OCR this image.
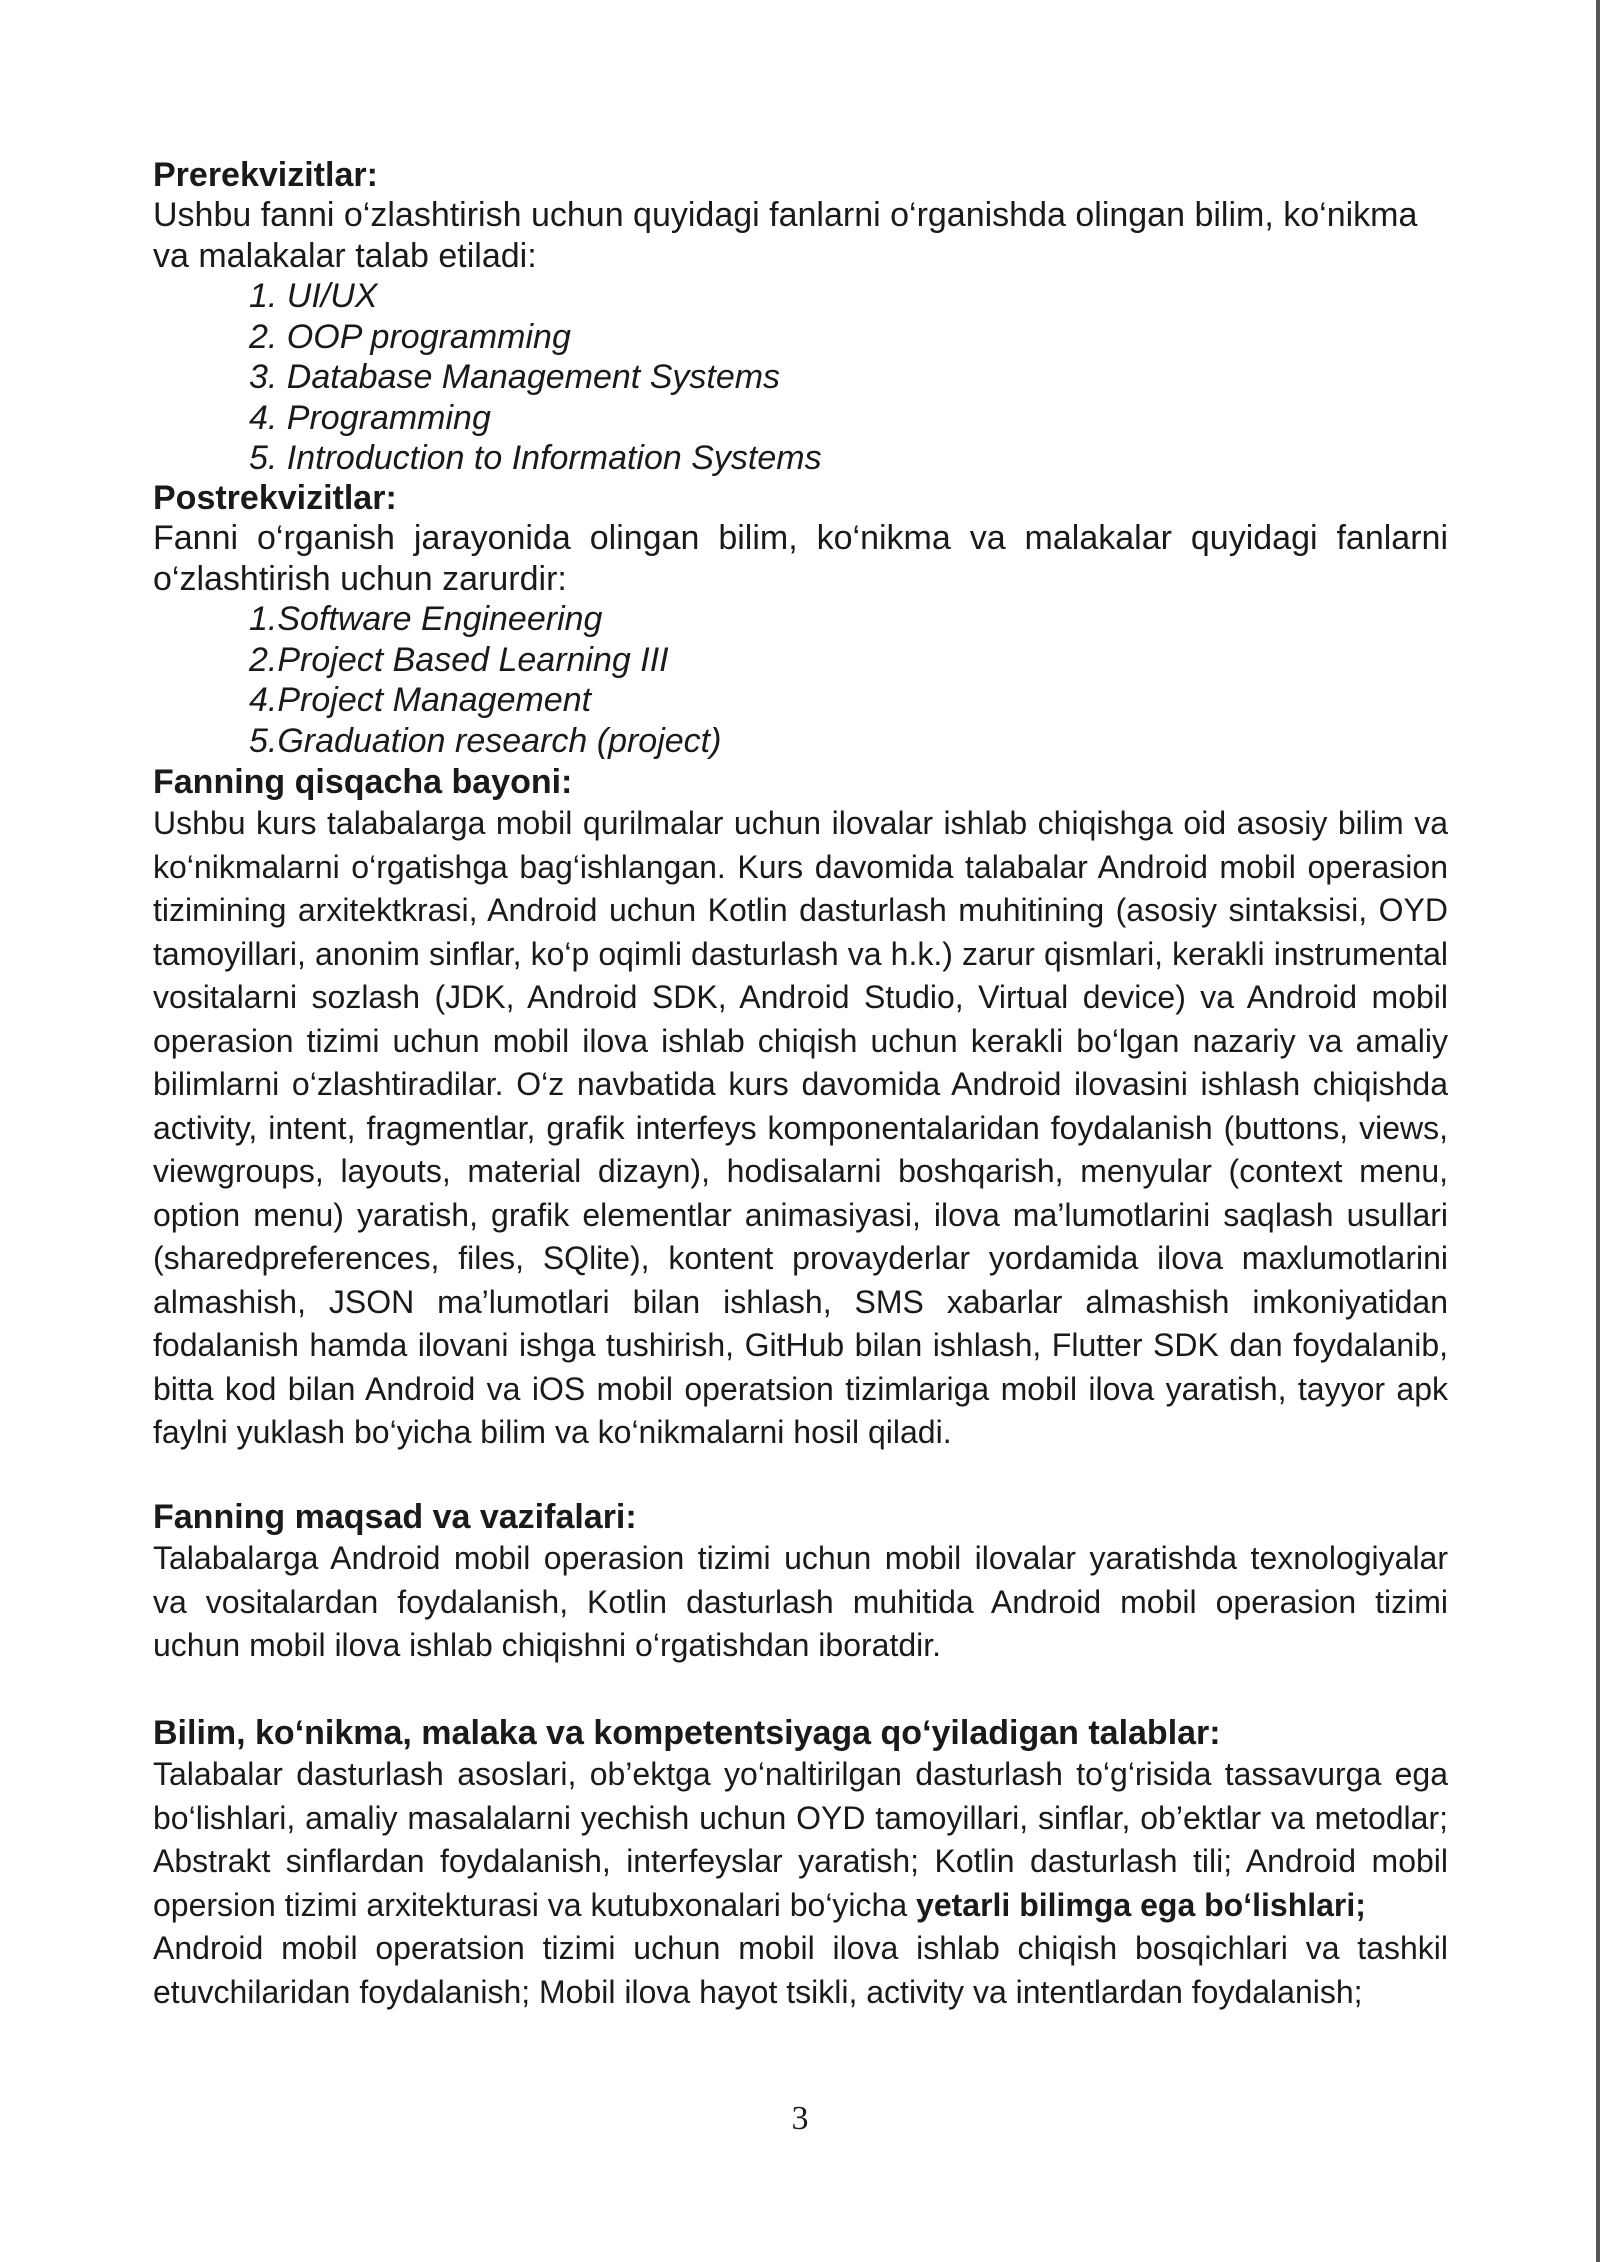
Prerekvizitlar:

Ushbu fanni o‘zlashtirish uchun quyidagi fanlarni o‘rganishda olingan bilim, ko‘nikma va malakalar talab etiladi:

1. UI/UX
2. OOP programming
3. Database Management Systems
4. Programming
5. Introduction to Information Systems
Postrekvizitlar:

Fanni o‘rganish jarayonida olingan bilim, ko‘nikma va malakalar quyidagi fanlarni o‘zlashtirish uchun zarurdir:

1.Software Engineering
2.Project Based Learning III
4.Project Management
5.Graduation research (project)
Fanning qisqacha bayoni:

Ushbu kurs talabalarga mobil qurilmalar uchun ilovalar ishlab chiqishga oid asosiy bilim va ko‘nikmalarni o‘rgatishga bag‘ishlangan. Kurs davomida talabalar Android mobil operasion tizimining arxitektkrasi, Android uchun Kotlin dasturlash muhitining (asosiy sintaksisi, OYD tamoyillari, anonim sinflar, ko‘p oqimli dasturlash va h.k.) zarur qismlari, kerakli instrumental vositalarni sozlash (JDK, Android SDK, Android Studio, Virtual device) va Android mobil operasion tizimi uchun mobil ilova ishlab chiqish uchun kerakli bo‘lgan nazariy va amaliy bilimlarni o‘zlashtiradilar. O‘z navbatida kurs davomida Android ilovasini ishlash chiqishda activity, intent, fragmentlar, grafik interfeys komponentalaridan foydalanish (buttons, views, viewgroups, layouts, material dizayn), hodisalarni boshqarish, menyular (context menu, option menu) yaratish, grafik elementlar animasiyasi, ilova ma’lumotlarini saqlash usullari (sharedpreferences, files, SQlite), kontent provayderlar yordamida ilova maxlumotlarini almashish, JSON ma’lumotlari bilan ishlash, SMS xabarlar almashish imkoniyatidan fodalanish hamda ilovani ishga tushirish, GitHub bilan ishlash, Flutter SDK dan foydalanib, bitta kod bilan Android va iOS mobil operatsion tizimlariga mobil ilova yaratish, tayyor apk faylni yuklash bo‘yicha bilim va ko‘nikmalarni hosil qiladi.

Fanning maqsad va vazifalari:

Talabalarga Android mobil operasion tizimi uchun mobil ilovalar yaratishda texnologiyalar va vositalardan foydalanish, Kotlin dasturlash muhitida Android mobil operasion tizimi uchun mobil ilova ishlab chiqishni o‘rgatishdan iboratdir.

Bilim, ko‘nikma, malaka va kompetentsiyaga qo‘yiladigan talablar:

Talabalar dasturlash asoslari, ob’ektga yo‘naltirilgan dasturlash to‘g‘risida tassavurga ega bo‘lishlari, amaliy masalalarni yechish uchun OYD tamoyillari, sinflar, ob’ektlar va metodlar; Abstrakt sinflardan foydalanish, interfeyslar yaratish; Kotlin dasturlash tili; Android mobil opersion tizimi arxitekturasi va kutubxonalari bo‘yicha yetarli bilimga ega bo‘lishlari;

Android mobil operatsion tizimi uchun mobil ilova ishlab chiqish bosqichlari va tashkil etuvchilaridan foydalanish; Mobil ilova hayot tsikli, activity va intentlardan foydalanish;

3
